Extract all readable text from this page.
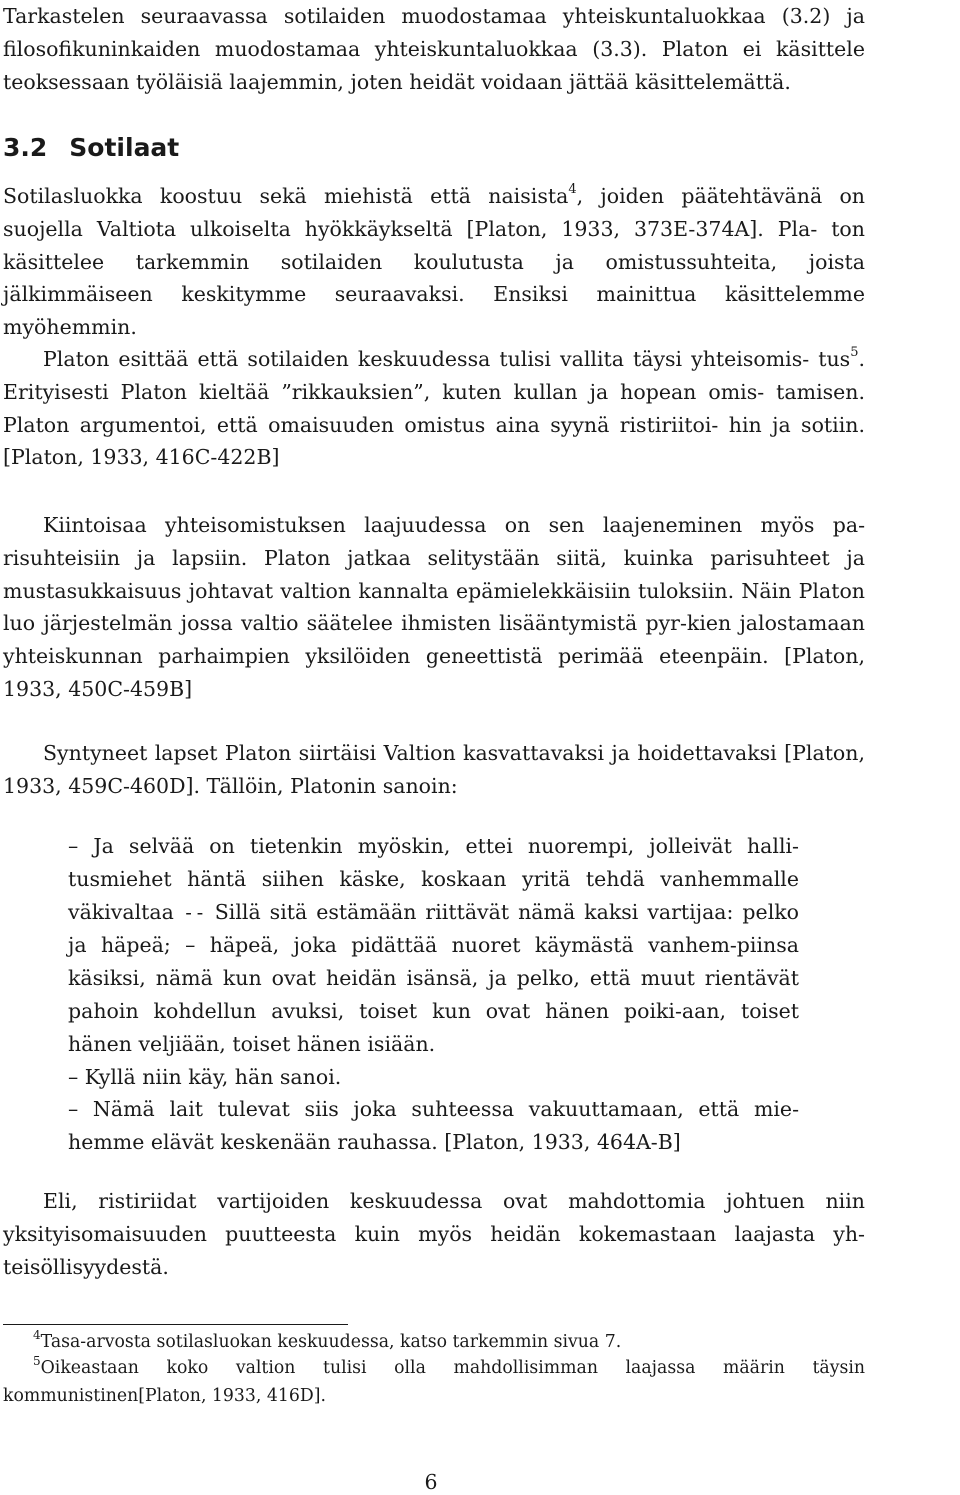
Tarkastelen seuraavassa sotilaiden muodostamaa yhteiskuntaluokkaa (3.2) ja filosofikuninkaiden muodostamaa yhteiskuntaluokkaa (3.3). Platon ei käsittele teoksessaan työläisiä laajemmin, joten heidät voidaan jättää käsittelemättä.

3.2 Sotilaat

Sotilasluokka koostuu sekä miehistä että naisista$^4$, joiden päätehtävänä on suojella Valtiota ulkoiselta hyökkäykseltä [Platon, 1933, 373E-374A]. Pla- ton käsittelee tarkemmin sotilaiden koulutusta ja omistussuhteita, joista jälkimmäiseen keskitymme seuraavaksi. Ensiksi mainittua käsittelemme myöhemmin.

Platon esittää että sotilaiden keskuudessa tulisi vallita täysi yhteisomis- tus$^5$. Erityisesti Platon kieltää ”rikkauksien”, kuten kullan ja hopean omis- tamisen. Platon argumentoi, että omaisuuden omistus aina syynä ristiriitoi- hin ja sotiin. [Platon, 1933, 416C-422B]

Kiintoisaa yhteisomistuksen laajuudessa on sen laajeneminen myös pa-risuhteisiin ja lapsiin. Platon jatkaa selitystään siitä, kuinka parisuhteet ja mustasukkaisuus johtavat valtion kannalta epämielekkäisiin tuloksiin. Näin Platon luo järjestelmän jossa valtio säätelee ihmisten lisääntymistä pyr-kien jalostamaan yhteiskunnan parhaimpien yksilöiden geneettistä perimää eteenpäin. [Platon, 1933, 450C-459B]

Syntyneet lapset Platon siirtäisi Valtion kasvattavaksi ja hoidettavaksi [Platon, 1933, 459C-460D]. Tällöin, Platonin sanoin:

– Ja selvää on tietenkin myöskin, ettei nuorempi, jolleivät halli-tusmiehet häntä siihen käske, koskaan yritä tehdä vanhemmalle väkivaltaa -- Sillä sitä estämään riittävät nämä kaksi vartijaa: pelko ja häpeä; – häpeä, joka pidättää nuoret käymästä vanhem-piinsa käsiksi, nämä kun ovat heidän isänsä, ja pelko, että muut rientävät pahoin kohdellun avuksi, toiset kun ovat hänen poiki-aan, toiset hänen veljiään, toiset hänen isiään.

– Kyllä niin käy, hän sanoi.

– Nämä lait tulevat siis joka suhteessa vakuuttamaan, että mie-hemme elävät keskenään rauhassa. [Platon, 1933, 464A-B]

Eli, ristiriidat vartijoiden keskuudessa ovat mahdottomia johtuen niin yksityisomaisuuden puutteesta kuin myös heidän kokemastaan laajasta yh-teisöllisyydestä.

$^4$Tasa-arvosta sotilasluokan keskuudessa, katso tarkemmin sivua 7.

$^5$Oikeastaan koko valtion tulisi olla mahdollisimman laajassa määrin täysin kommunistinen[Platon, 1933, 416D].

6
